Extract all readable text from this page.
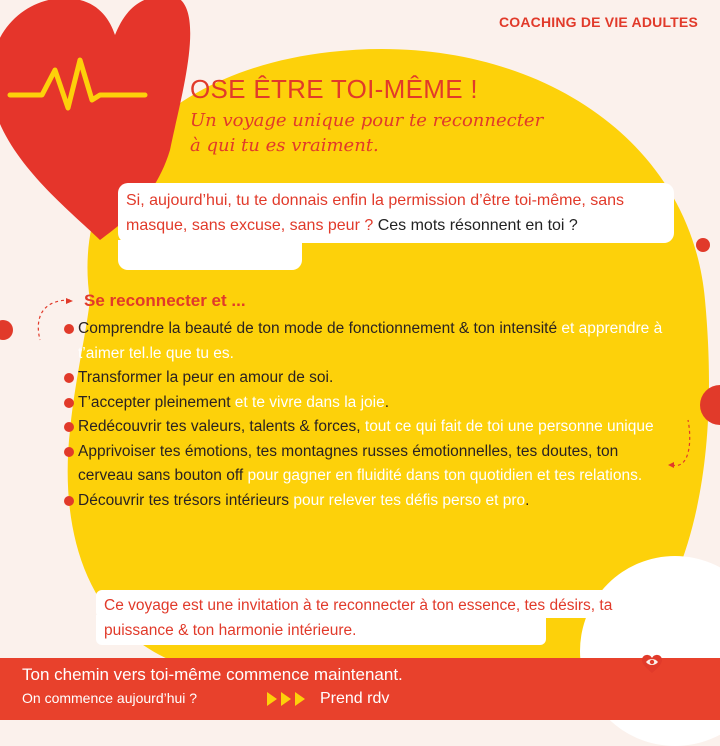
COACHING DE VIE ADULTES
OSE ÊTRE TOI-MÊME !
Un voyage unique pour te reconnecter
à qui tu es vraiment.
Si, aujourd’hui, tu te donnais enfin la permission d’être toi-même, sans masque, sans excuse, sans peur ? Ces mots résonnent en toi ?
Se reconnecter et ...
Comprendre la beauté de ton mode de fonctionnement & ton intensité et apprendre à t’aimer tel.le que tu es.
Transformer la peur en amour de soi.
T’accepter pleinement et te vivre dans la joie.
Redécouvrir tes valeurs, talents & forces, tout ce qui fait de toi une personne unique
Apprivoiser tes émotions, tes montagnes russes émotionnelles, tes doutes, ton cerveau sans bouton off pour gagner en fluidité dans ton quotidien et tes relations.
Découvrir tes trésors intérieurs pour relever tes défis perso et pro.
Ce voyage est une invitation à te reconnecter à ton essence, tes désirs, ta puissance & ton harmonie intérieure.
Ton chemin vers toi-même commence maintenant.
On commence aujourd’hui ?	Prend rdv
